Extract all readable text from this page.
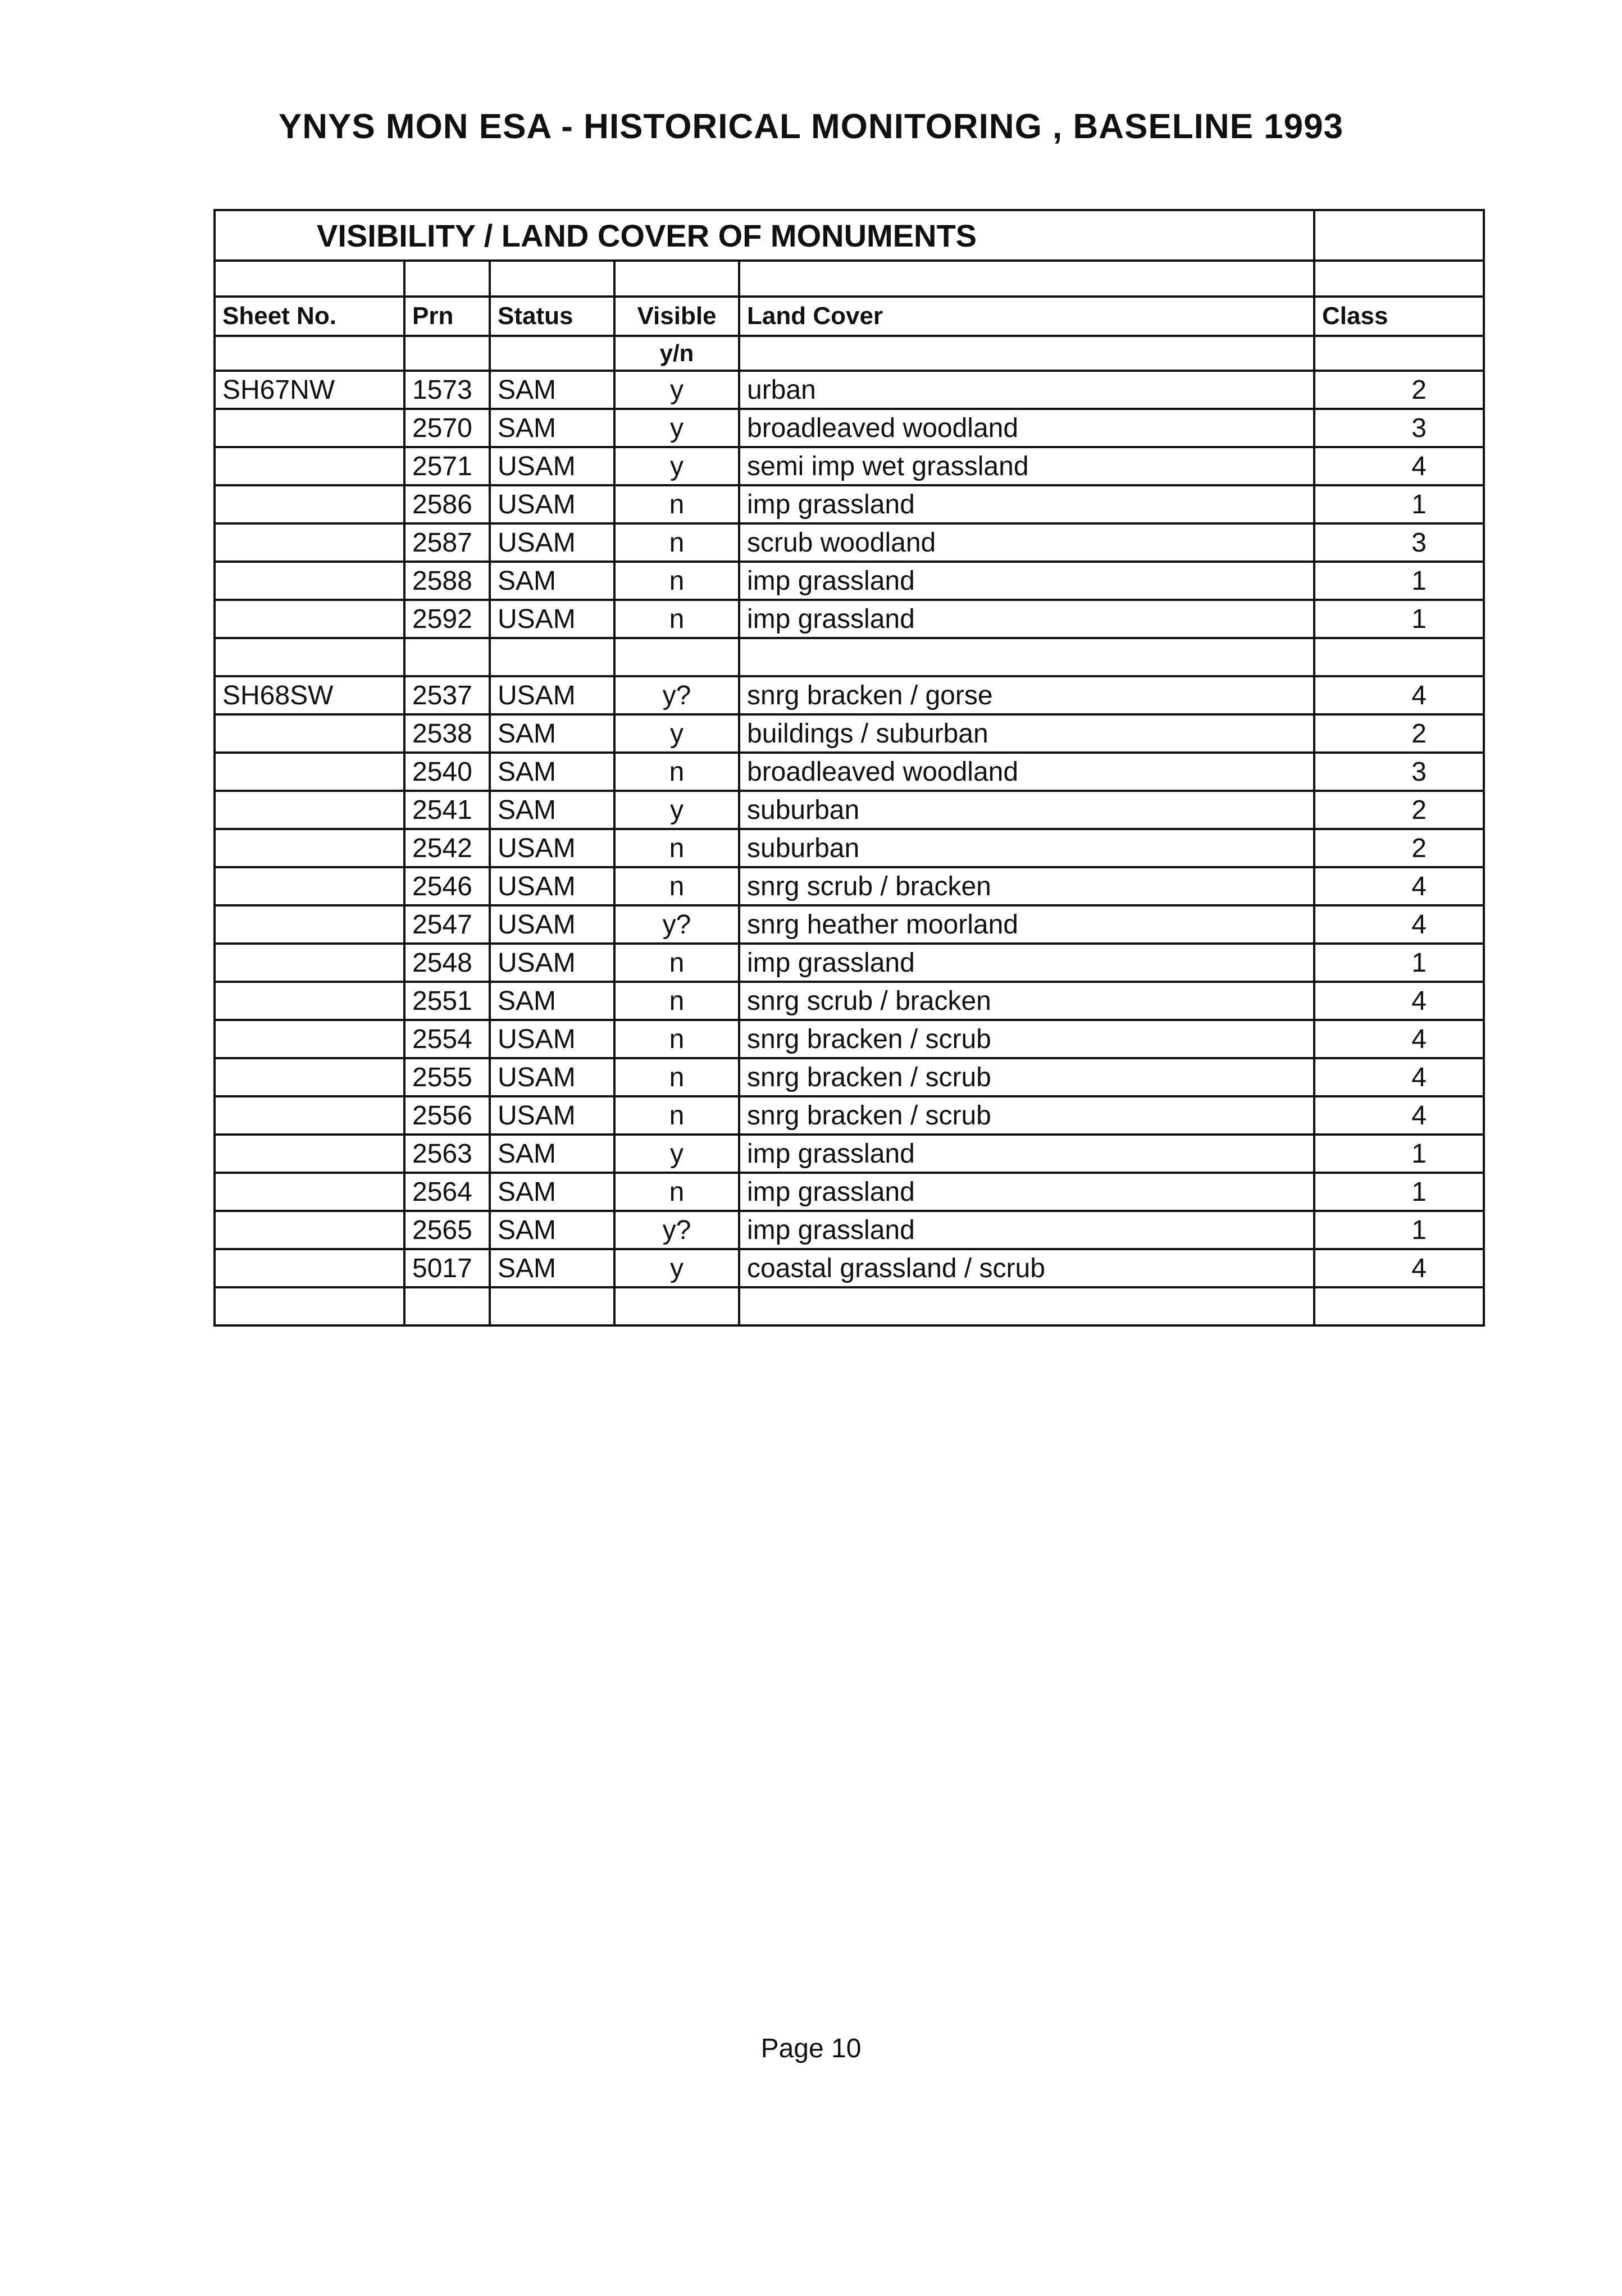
YNYS MON ESA - HISTORICAL MONITORING , BASELINE 1993
VISIBILITY / LAND COVER OF MONUMENTS					

Sheet No.	Prn	Status	Visible	Land Cover	Class
			y/n		
SH67NW	1573	SAM	y	urban	2
	2570	SAM	y	broadleaved woodland	3
	2571	USAM	y	semi imp wet grassland	4
	2586	USAM	n	imp grassland	1
	2587	USAM	n	scrub woodland	3
	2588	SAM	n	imp grassland	1
	2592	USAM	n	imp grassland	1

SH68SW	2537	USAM	y?	snrg bracken / gorse	4
	2538	SAM	y	buildings / suburban	2
	2540	SAM	n	broadleaved woodland	3
	2541	SAM	y	suburban	2
	2542	USAM	n	suburban	2
	2546	USAM	n	snrg scrub / bracken	4
	2547	USAM	y?	snrg heather moorland	4
	2548	USAM	n	imp grassland	1
	2551	SAM	n	snrg scrub / bracken	4
	2554	USAM	n	snrg bracken / scrub	4
	2555	USAM	n	snrg bracken / scrub	4
	2556	USAM	n	snrg bracken / scrub	4
	2563	SAM	y	imp grassland	1
	2564	SAM	n	imp grassland	1
	2565	SAM	y?	imp grassland	1
	5017	SAM	y	coastal grassland / scrub	4

Page 10
